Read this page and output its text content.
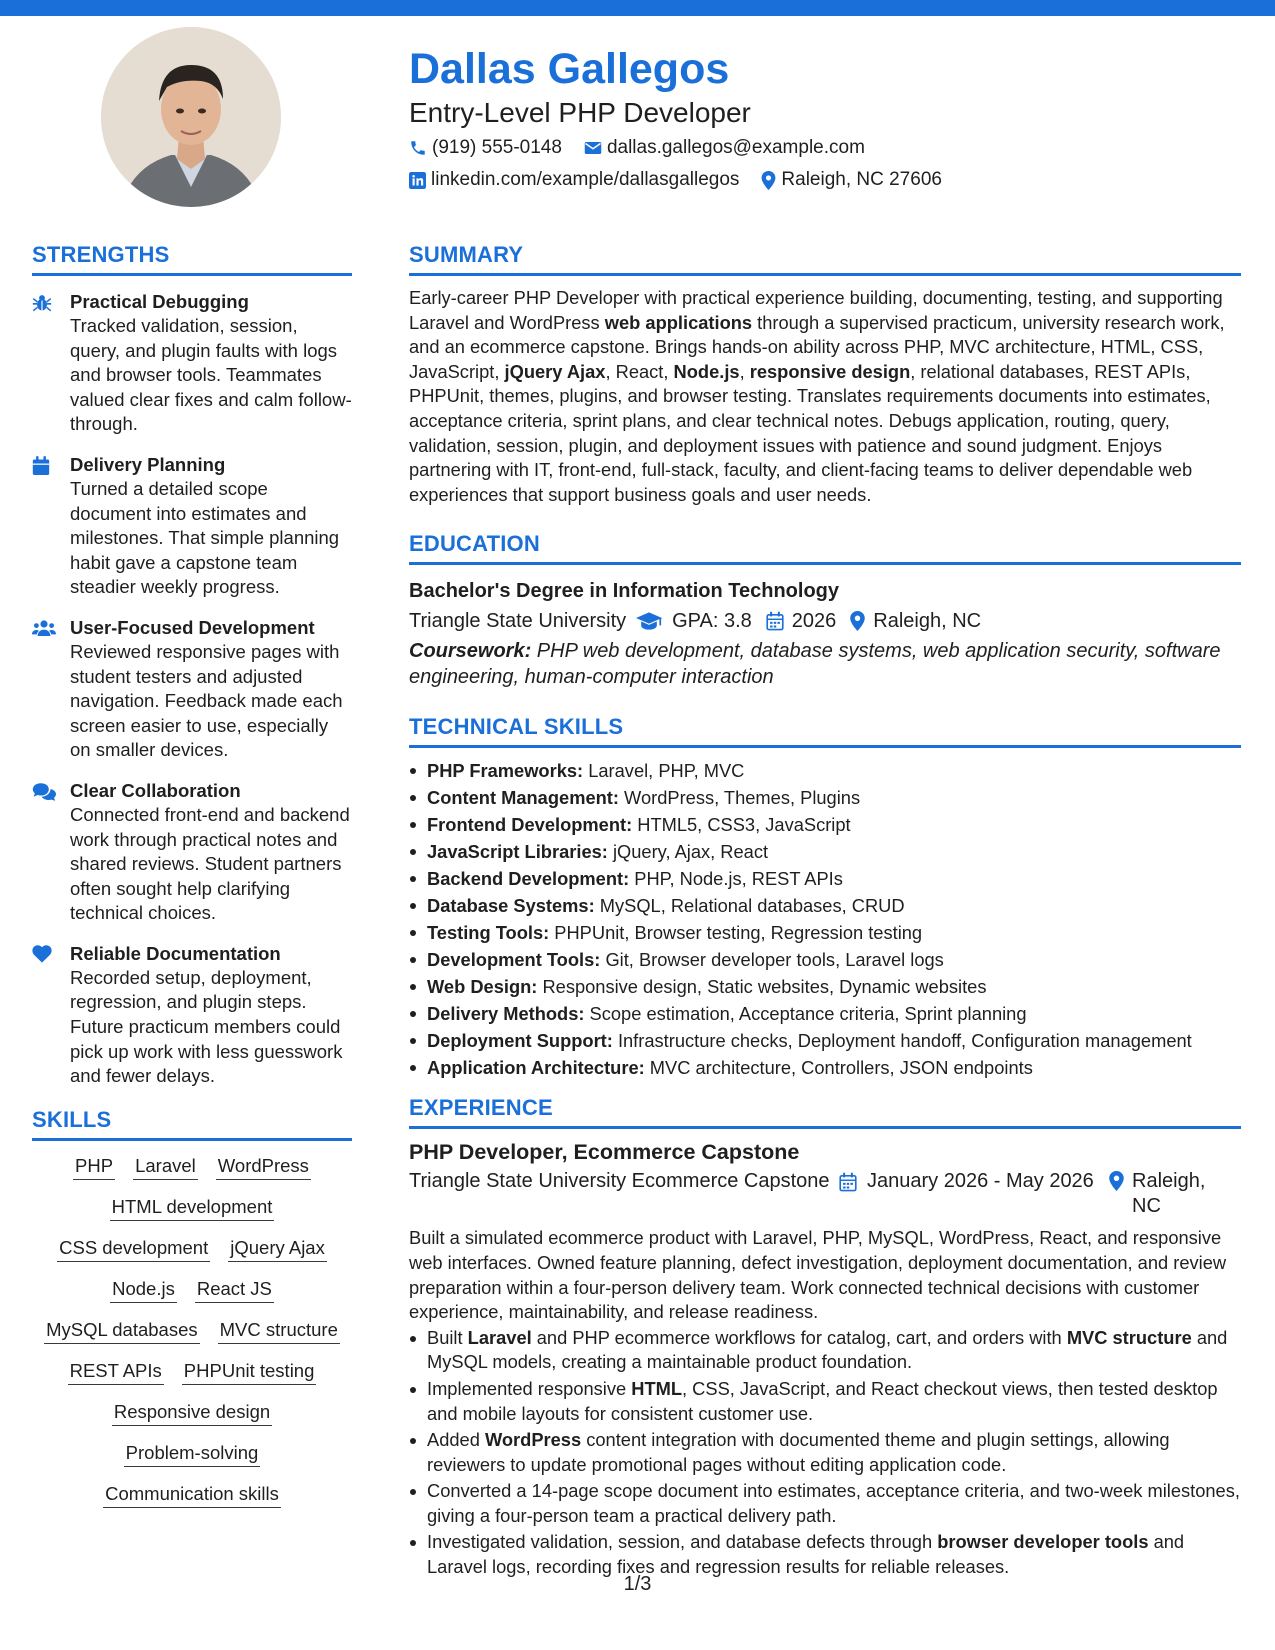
Dallas Gallegos
Entry-Level PHP Developer
(919) 555-0148 dallas.gallegos@example.com
linkedin.com/example/dallasgallegos Raleigh, NC 27606
STRENGTHS
Practical Debugging
Tracked validation, session, query, and plugin faults with logs and browser tools. Teammates valued clear fixes and calm follow-through.
Delivery Planning
Turned a detailed scope document into estimates and milestones. That simple planning habit gave a capstone team steadier weekly progress.
User-Focused Development
Reviewed responsive pages with student testers and adjusted navigation. Feedback made each screen easier to use, especially on smaller devices.
Clear Collaboration
Connected front-end and backend work through practical notes and shared reviews. Student partners often sought help clarifying technical choices.
Reliable Documentation
Recorded setup, deployment, regression, and plugin steps. Future practicum members could pick up work with less guesswork and fewer delays.
SKILLS
PHP Laravel WordPress
HTML development
CSS development jQuery Ajax
Node.js React JS
MySQL databases MVC structure
REST APIs PHPUnit testing
Responsive design
Problem-solving
Communication skills
SUMMARY
Early-career PHP Developer with practical experience building, documenting, testing, and supporting Laravel and WordPress web applications through a supervised practicum, university research work, and an ecommerce capstone. Brings hands-on ability across PHP, MVC architecture, HTML, CSS, JavaScript, jQuery Ajax, React, Node.js, responsive design, relational databases, REST APIs, PHPUnit, themes, plugins, and browser testing. Translates requirements documents into estimates, acceptance criteria, sprint plans, and clear technical notes. Debugs application, routing, query, validation, session, plugin, and deployment issues with patience and sound judgment. Enjoys partnering with IT, front-end, full-stack, faculty, and client-facing teams to deliver dependable web experiences that support business goals and user needs.
EDUCATION
Bachelor's Degree in Information Technology
Triangle State University GPA: 3.8 2026 Raleigh, NC
Coursework: PHP web development, database systems, web application security, software engineering, human-computer interaction
TECHNICAL SKILLS
PHP Frameworks: Laravel, PHP, MVC
Content Management: WordPress, Themes, Plugins
Frontend Development: HTML5, CSS3, JavaScript
JavaScript Libraries: jQuery, Ajax, React
Backend Development: PHP, Node.js, REST APIs
Database Systems: MySQL, Relational databases, CRUD
Testing Tools: PHPUnit, Browser testing, Regression testing
Development Tools: Git, Browser developer tools, Laravel logs
Web Design: Responsive design, Static websites, Dynamic websites
Delivery Methods: Scope estimation, Acceptance criteria, Sprint planning
Deployment Support: Infrastructure checks, Deployment handoff, Configuration management
Application Architecture: MVC architecture, Controllers, JSON endpoints
EXPERIENCE
PHP Developer, Ecommerce Capstone
Triangle State University Ecommerce Capstone	January 2026 - May 2026 Raleigh, NC
Built a simulated ecommerce product with Laravel, PHP, MySQL, WordPress, React, and responsive web interfaces. Owned feature planning, defect investigation, deployment documentation, and review preparation within a four-person delivery team. Work connected technical decisions with customer experience, maintainability, and release readiness.
Built Laravel and PHP ecommerce workflows for catalog, cart, and orders with MVC structure and MySQL models, creating a maintainable product foundation.
Implemented responsive HTML, CSS, JavaScript, and React checkout views, then tested desktop and mobile layouts for consistent customer use.
Added WordPress content integration with documented theme and plugin settings, allowing reviewers to update promotional pages without editing application code.
Converted a 14-page scope document into estimates, acceptance criteria, and two-week milestones, giving a four-person team a practical delivery path.
Investigated validation, session, and database defects through browser developer tools and Laravel logs, recording fixes and regression results for reliable releases.
1/3
